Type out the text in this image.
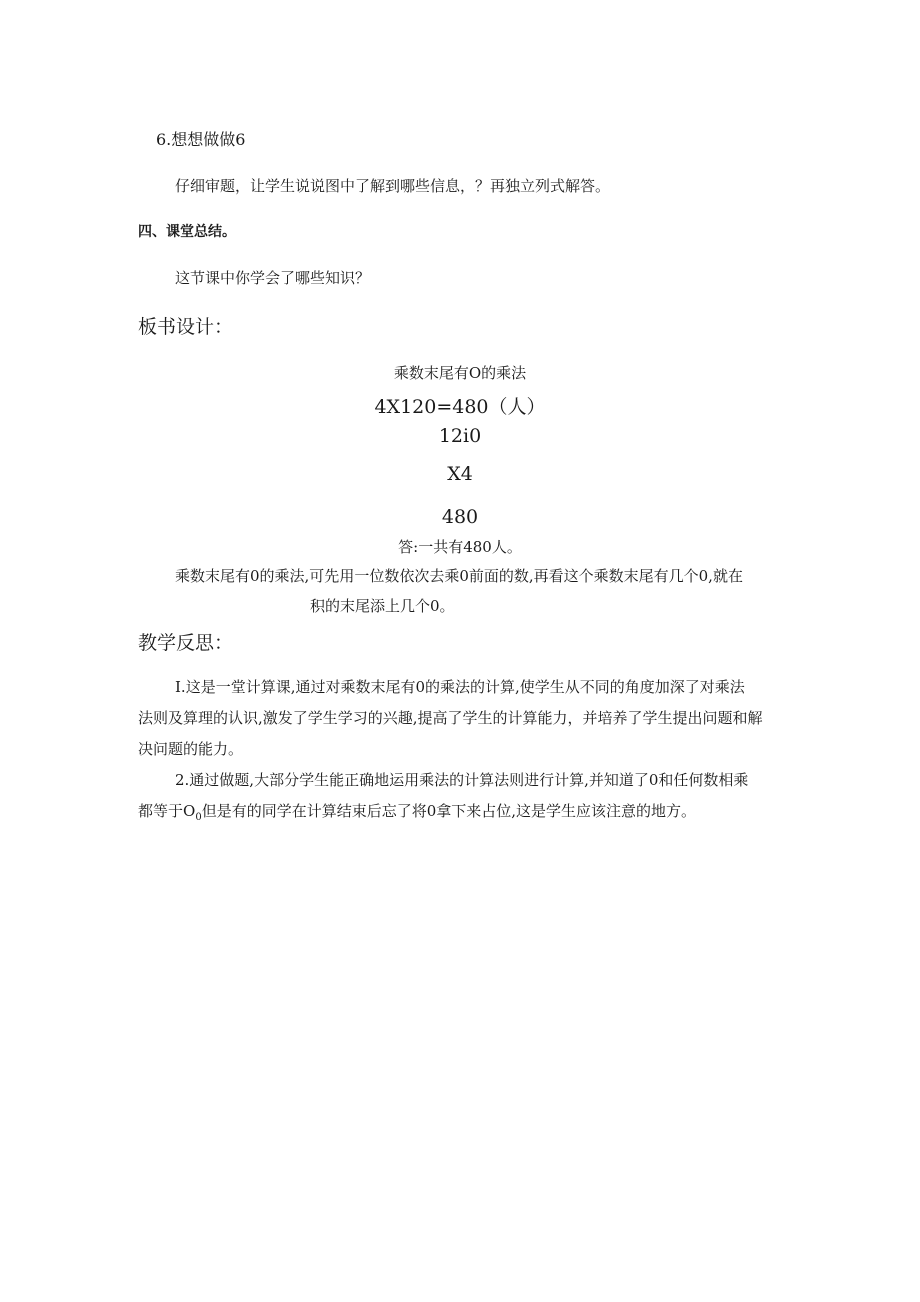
6.想想做做6
仔细审题，让学生说说图中了解到哪些信息，？再独立列式解答。
四、课堂总结。
这节课中你学会了哪些知识？
板书设计：
乘数末尾有O的乘法
4X120=480（人）
12i0
X4
480
答:一共有480人。
乘数末尾有0的乘法,可先用一位数依次去乘0前面的数,再看这个乘数末尾有几个0,就在
积的末尾添上几个0。
教学反思：
I.这是一堂计算课,通过对乘数末尾有0的乘法的计算,使学生从不同的角度加深了对乘法
法则及算理的认识,激发了学生学习的兴趣,提高了学生的计算能力，并培养了学生提出问题和解
决问题的能力。
2.通过做题,大部分学生能正确地运用乘法的计算法则进行计算,并知道了0和任何数相乘
都等于$O_0$但是有的同学在计算结束后忘了将0拿下来占位,这是学生应该注意的地方。
